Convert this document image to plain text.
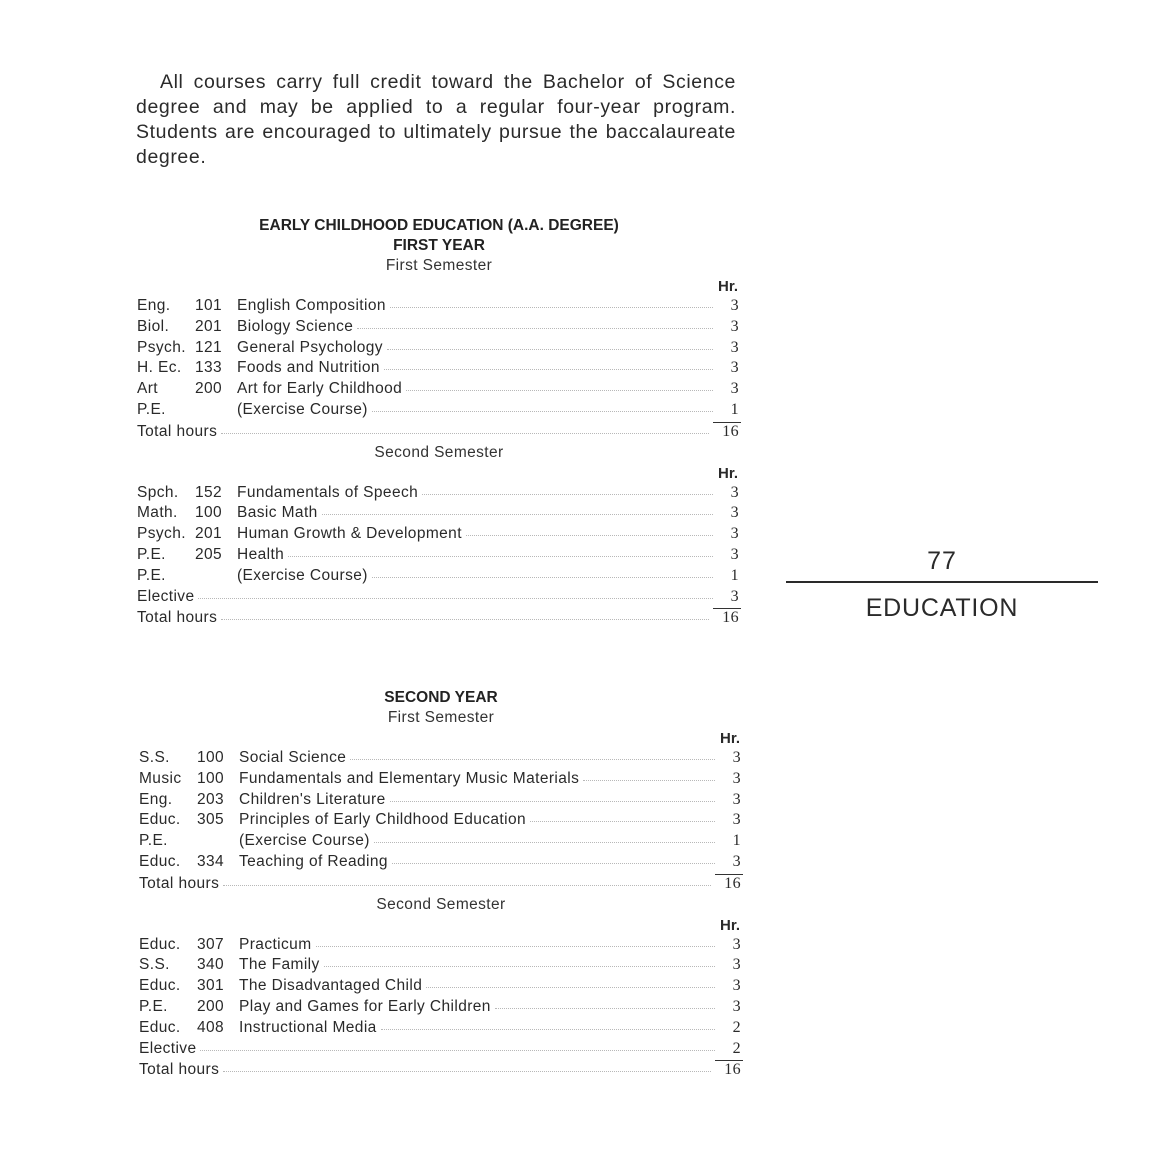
All courses carry full credit toward the Bachelor of Science degree and may be applied to a regular four-year program. Students are encouraged to ultimately pursue the baccalaureate degree.

EARLY CHILDHOOD EDUCATION (A.A. DEGREE)
FIRST YEAR
First Semester
Hr.
Eng.	101 English Composition	3
Biol.	201 Biology Science	3
Psych. 121 General Psychology	3
H. Ec. 133 Foods and Nutrition	3
Art	200 Art for Early Childhood	3
P.E.	(Exercise Course)	1
Total hours	16
Second Semester
Hr.
Spch.	152 Fundamentals of Speech	3
Math.	100 Basic Math	3
Psych. 201 Human Growth & Development	3
P.E.	205 Health	3
P.E.	(Exercise Course)	1
Elective	3
Total hours	16
SECOND YEAR
First Semester
Hr.
S.S.	100 Social Science	3
Music	100 Fundamentals and Elementary Music Materials	3
Eng.	203 Children's Literature	3
Educ.	305 Principles of Early Childhood Education	3
P.E.	(Exercise Course)	1
Educ.	334 Teaching of Reading	3
Total hours	16
Second Semester
Hr.
Educ.	307 Practicum	3
S.S.	340 The Family	3
Educ.	301 The Disadvantaged Child	3
P.E.	200 Play and Games for Early Children	3
Educ.	408 Instructional Media	2
Elective	2
Total hours	16
77
EDUCATION
